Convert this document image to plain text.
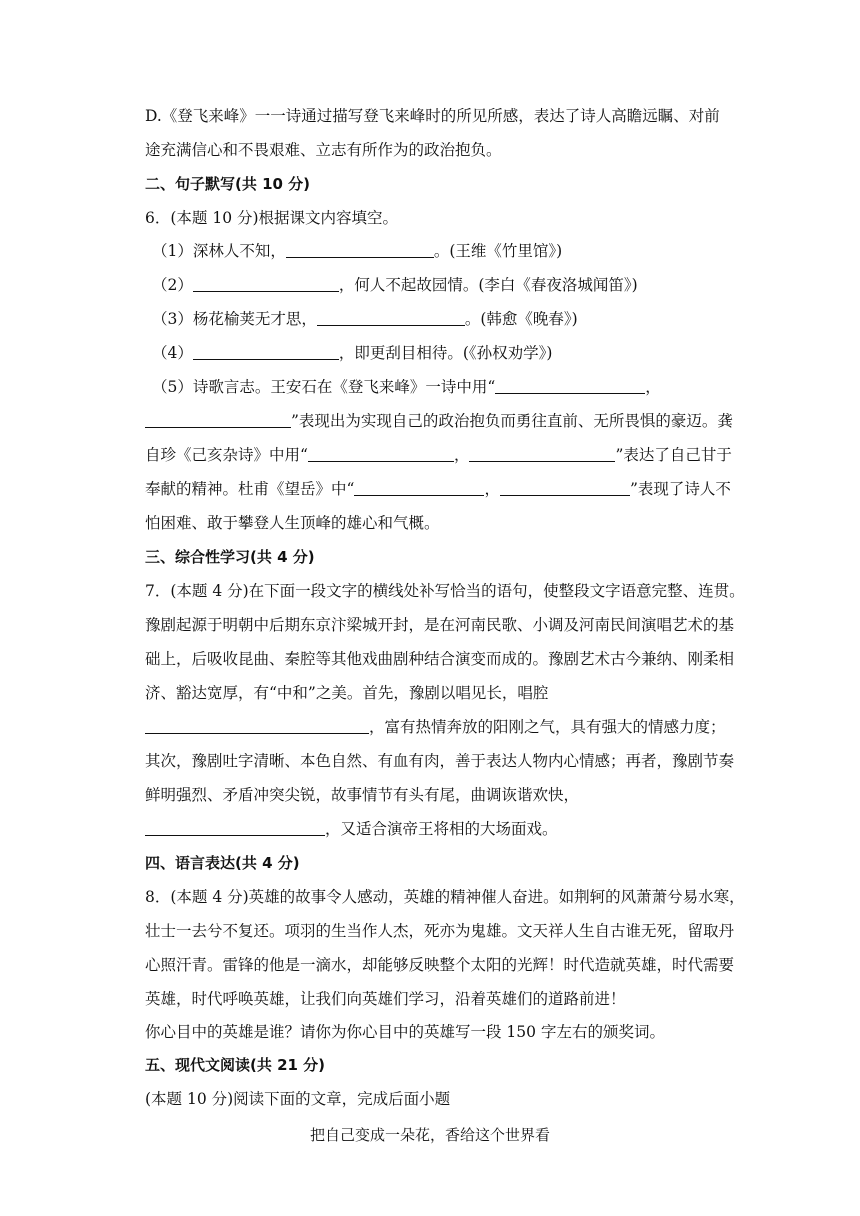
D.《登飞来峰》一一诗通过描写登飞来峰时的所见所感，表达了诗人高瞻远瞩、对前
途充满信心和不畏艰难、立志有所作为的政治抱负。
二、句子默写(共 10 分)
6．(本题 10 分)根据课文内容填空。
（1）深林人不知，	。(王维《竹里馆》)
（2）	，何人不起故园情。(李白《春夜洛城闻笛》)
（3）杨花榆荚无才思，	。(韩愈《晚春》)
（4）	，即更刮目相待。(《孙权劝学》)
（5）诗歌言志。王安石在《登飞来峰》一诗中用“	，
”表现出为实现自己的政治抱负而勇往直前、无所畏惧的豪迈。龚
自珍《己亥杂诗》中用“	，	”表达了自己甘于
奉献的精神。杜甫《望岳》中“	，	”表现了诗人不
怕困难、敢于攀登人生顶峰的雄心和气概。
三、综合性学习(共 4 分)
7．(本题 4 分)在下面一段文字的横线处补写恰当的语句，使整段文字语意完整、连贯。
豫剧起源于明朝中后期东京汴梁城开封，是在河南民歌、小调及河南民间演唱艺术的基
础上，后吸收昆曲、秦腔等其他戏曲剧种结合演变而成的。豫剧艺术古今兼纳、刚柔相
济、豁达宽厚，有“中和”之美。首先，豫剧以唱见长，唱腔
，富有热情奔放的阳刚之气，具有强大的情感力度；
其次，豫剧吐字清晰、本色自然、有血有肉，善于表达人物内心情感；再者，豫剧节奏
鲜明强烈、矛盾冲突尖锐，故事情节有头有尾，曲调诙谐欢快，
，又适合演帝王将相的大场面戏。
四、语言表达(共 4 分)
8．(本题 4 分)英雄的故事令人感动，英雄的精神催人奋进。如荆轲的风萧萧兮易水寒，
壮士一去兮不复还。项羽的生当作人杰，死亦为鬼雄。文天祥人生自古谁无死，留取丹
心照汗青。雷锋的他是一滴水，却能够反映整个太阳的光辉！时代造就英雄，时代需要
英雄，时代呼唤英雄，让我们向英雄们学习，沿着英雄们的道路前进！
你心目中的英雄是谁？请你为你心目中的英雄写一段 150 字左右的颁奖词。
五、现代文阅读(共 21 分)
(本题 10 分)阅读下面的文章，完成后面小题
把自己变成一朵花，香给这个世界看
